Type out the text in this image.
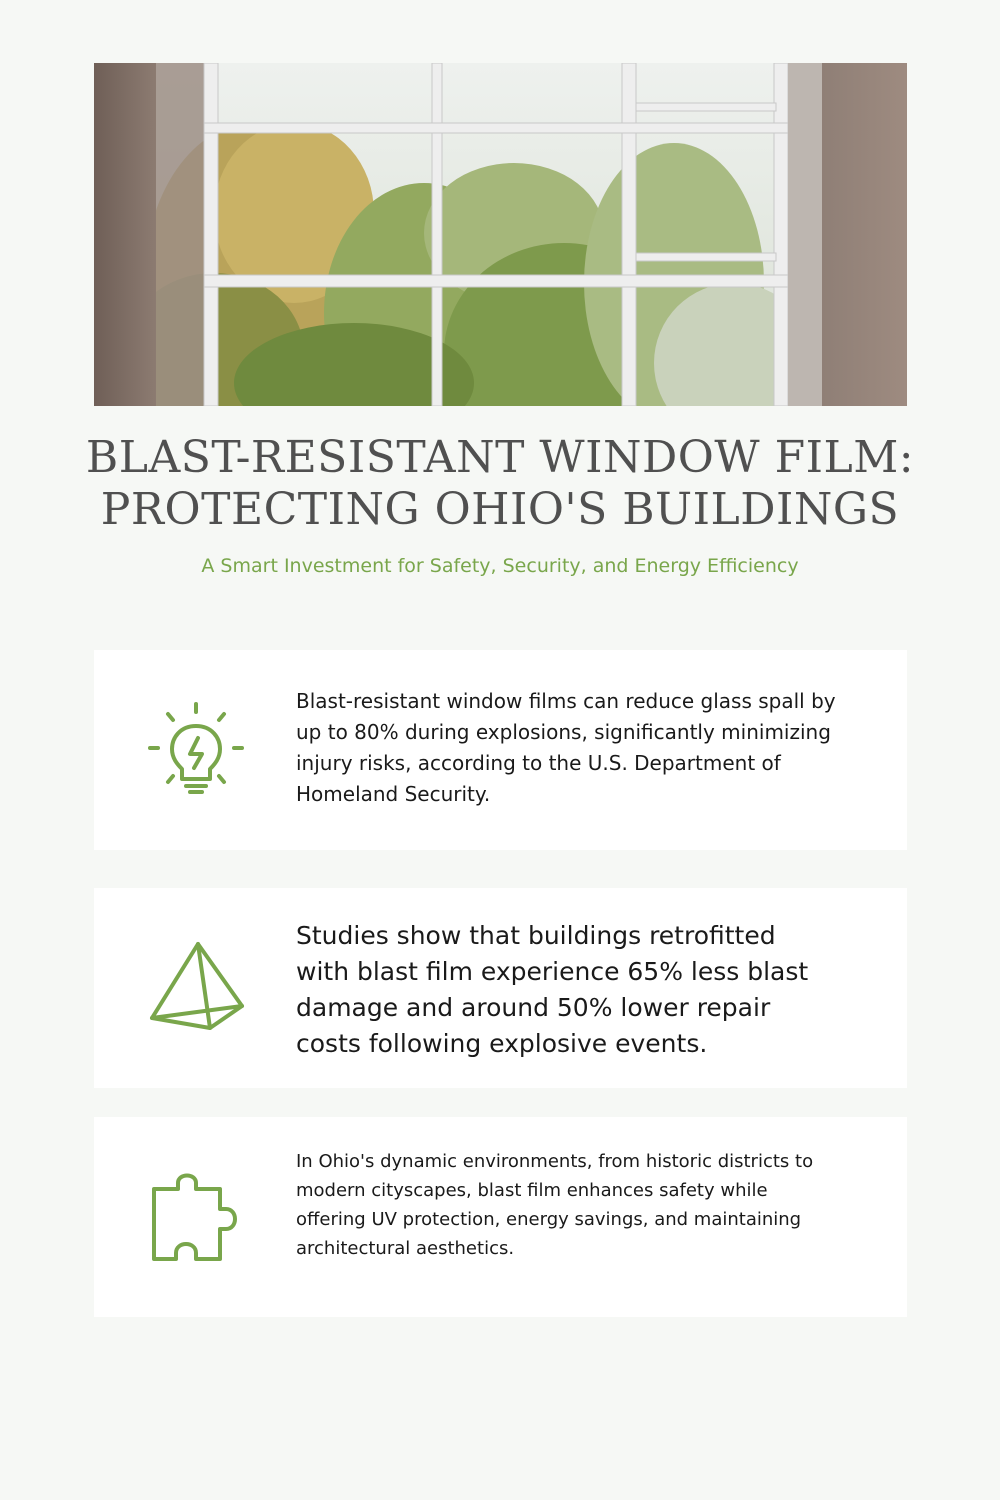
BLAST-RESISTANT WINDOW FILM:
PROTECTING OHIO'S BUILDINGS

A Smart Investment for Safety, Security, and Energy Efficiency

Blast-resistant window films can reduce glass spall by up to 80% during explosions, significantly minimizing injury risks, according to the U.S. Department of Homeland Security.

Studies show that buildings retrofitted with blast film experience 65% less blast damage and around 50% lower repair costs following explosive events.

In Ohio's dynamic environments, from historic districts to modern cityscapes, blast film enhances safety while offering UV protection, energy savings, and maintaining architectural aesthetics.
